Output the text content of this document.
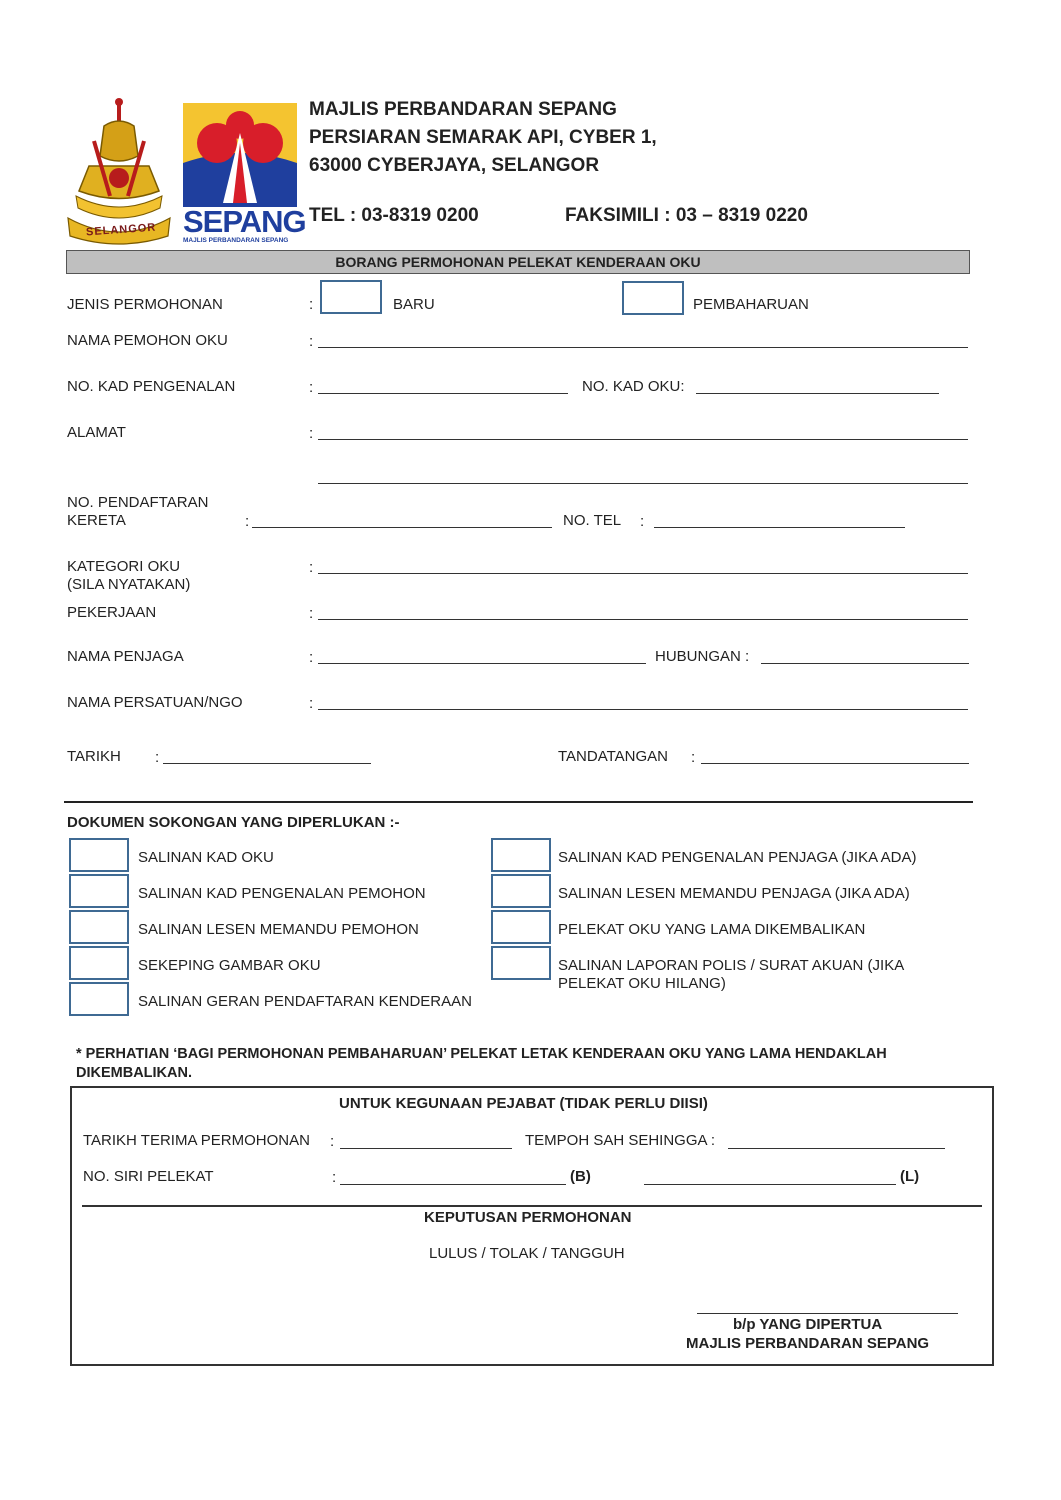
SELANGOR SEPANG
MAJLIS PERBANDARAN SEPANG
MAJLIS PERBANDARAN SEPANG
PERSIARAN SEMARAK API, CYBER 1,
63000 CYBERJAYA, SELANGOR
TEL : 03-8319 0200	FAKSIMILI : 03 – 8319 0220
BORANG PERMOHONAN PELEKAT KENDERAAN OKU
JENIS PERMOHONAN	:	BARU	PEMBAHARUAN
NAMA PEMOHON OKU	:
NO. KAD PENGENALAN	:	NO. KAD OKU:
ALAMAT	:
NO. PENDAFTARAN
KERETA	:	NO. TEL :
KATEGORI OKU
(SILA NYATAKAN)
:
PEKERJAAN	:
NAMA PENJAGA	:	HUBUNGAN :
NAMA PERSATUAN/NGO	:
TARIKH :	TANDATANGAN :
DOKUMEN SOKONGAN YANG DIPERLUKAN :-
SALINAN KAD OKU
SALINAN KAD PENGENALAN PEMOHON
SALINAN LESEN MEMANDU PEMOHON
SEKEPING GAMBAR OKU
SALINAN GERAN PENDAFTARAN KENDERAAN
SALINAN KAD PENGENALAN PENJAGA (JIKA ADA)
SALINAN LESEN MEMANDU PENJAGA (JIKA ADA)
PELEKAT OKU YANG LAMA DIKEMBALIKAN
SALINAN LAPORAN POLIS / SURAT AKUAN (JIKA
PELEKAT OKU HILANG)
* PERHATIAN ‘BAGI PERMOHONAN PEMBAHARUAN’ PELEKAT LETAK KENDERAAN OKU YANG LAMA HENDAKLAH
DIKEMBALIKAN.
UNTUK KEGUNAAN PEJABAT (TIDAK PERLU DIISI)
TARIKH TERIMA PERMOHONAN :	TEMPOH SAH SEHINGGA :
NO. SIRI PELEKAT	:	(B)	(L)
KEPUTUSAN PERMOHONAN
LULUS / TOLAK / TANGGUH
b/p YANG DIPERTUA
MAJLIS PERBANDARAN SEPANG
